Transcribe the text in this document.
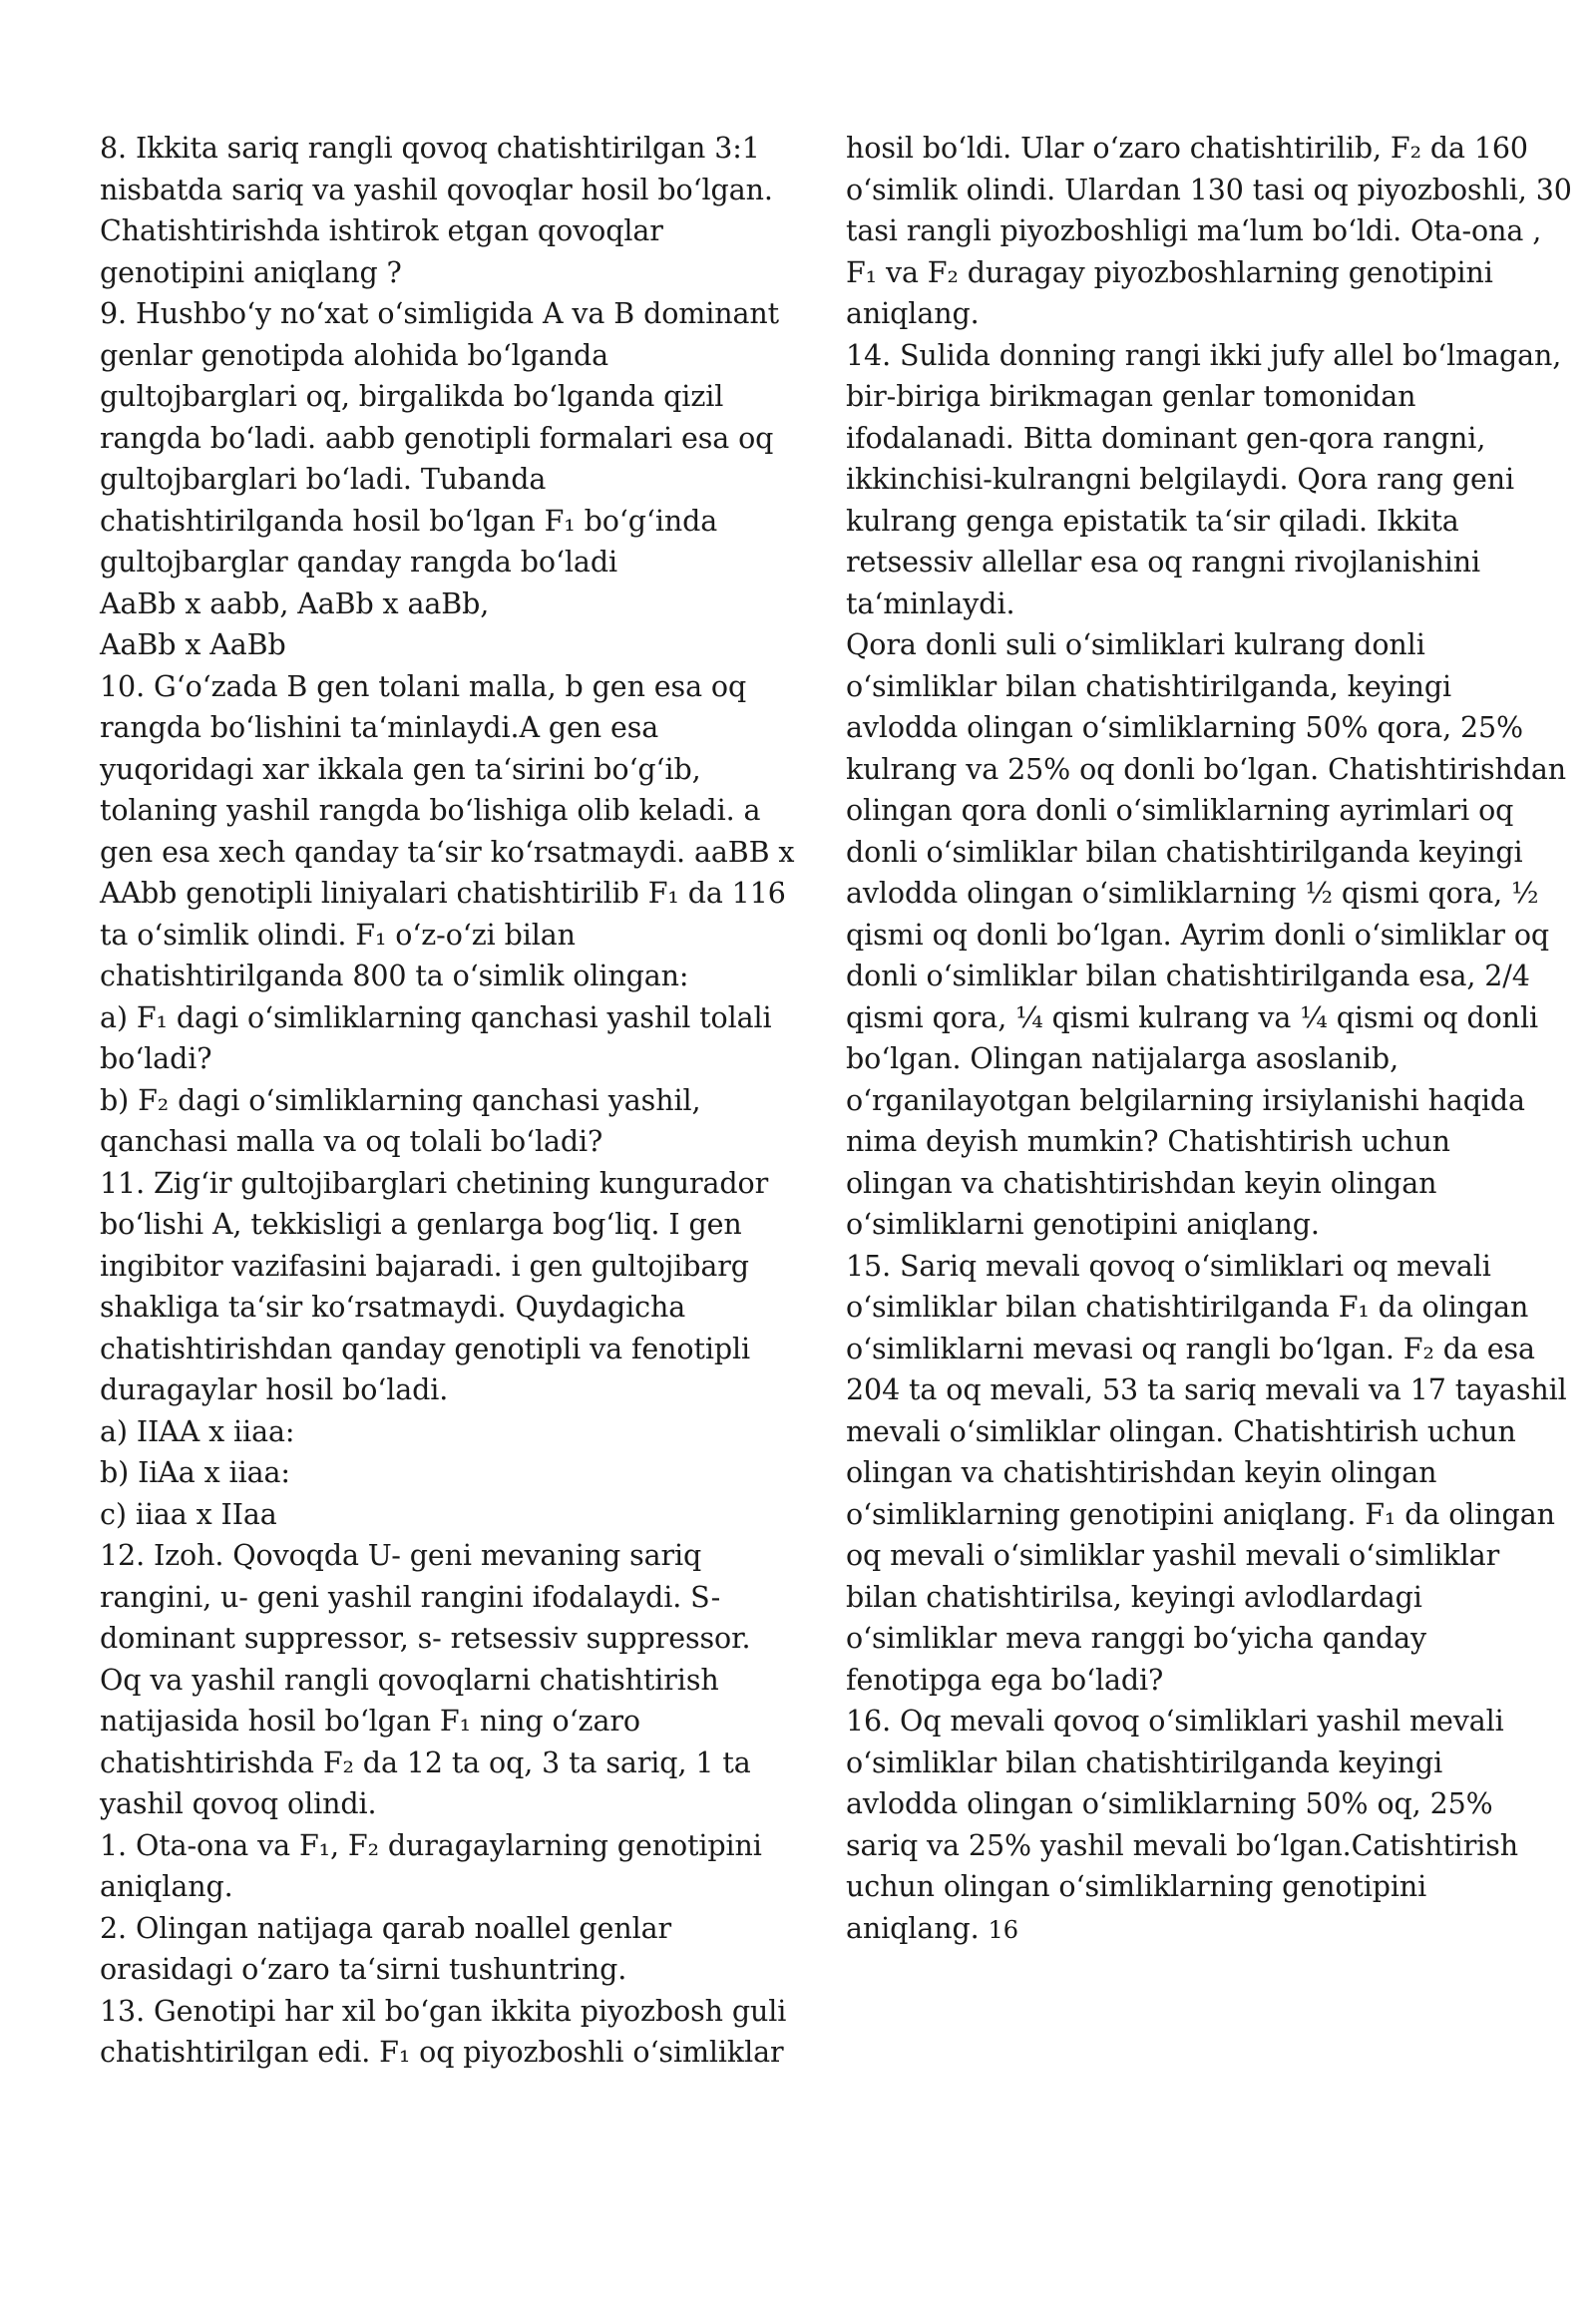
8. Ikkita sariq rangli qovoq chatishtirilgan 3:1
nisbatda sariq va yashil qovoqlar hosil boʻlgan.
Chatishtirishda ishtirok etgan qovoqlar
genotipini aniqlang ?
9. Hushboʻy noʻxat oʻsimligida A va B dominant
genlar genotipda alohida boʻlganda
gultojbarglari oq, birgalikda boʻlganda qizil
rangda boʻladi. aabb genotipli formalari esa oq
gultojbarglari boʻladi. Tubanda
chatishtirilganda hosil boʻlgan F₁ boʻgʻinda
gultojbarglar qanday rangda boʻladi
AaBb x aabb, AaBb x aaBb,
AaBb x AaBb
10. Gʻoʻzada B gen tolani malla, b gen esa oq
rangda boʻlishini taʻminlaydi.A gen esa
yuqoridagi xar ikkala gen taʻsirini boʻgʻib,
tolaning yashil rangda boʻlishiga olib keladi. a
gen esa xech qanday taʻsir koʻrsatmaydi. aaBB x
AAbb genotipli liniyalari chatishtirilib F₁ da 116
ta oʻsimlik olindi. F₁ oʻz-oʻzi bilan
chatishtirilganda 800 ta oʻsimlik olingan:
a) F₁ dagi oʻsimliklarning qanchasi yashil tolali
boʻladi?
b) F₂ dagi oʻsimliklarning qanchasi yashil,
qanchasi malla va oq tolali boʻladi?
11. Zigʻir gultojibarglari chetining kungurador
boʻlishi A, tekkisligi a genlarga bogʻliq. I gen
ingibitor vazifasini bajaradi. i gen gultojibarg
shakliga taʻsir koʻrsatmaydi. Quydagicha
chatishtirishdan qanday genotipli va fenotipli
duragaylar hosil boʻladi.
a) IIAA x iiaa:
b) IiAa x iiaa:
c) iiaa x IIaa
12. Izoh. Qovoqda U- geni mevaning sariq
rangini, u- geni yashil rangini ifodalaydi. S-
dominant suppressor, s- retsessiv suppressor.
Oq va yashil rangli qovoqlarni chatishtirish
natijasida hosil boʻlgan F₁ ning oʻzaro
chatishtirishda F₂ da 12 ta oq, 3 ta sariq, 1 ta
yashil qovoq olindi.
1. Ota-ona va F₁, F₂ duragaylarning genotipini
aniqlang.
2. Olingan natijaga qarab noallel genlar
orasidagi oʻzaro taʻsirni tushuntring.
13. Genotipi har xil boʻgan ikkita piyozbosh guli
chatishtirilgan edi. F₁ oq piyozboshli oʻsimliklar
hosil boʻldi. Ular oʻzaro chatishtirilib, F₂ da 160
oʻsimlik olindi. Ulardan 130 tasi oq piyozboshli, 30
tasi rangli piyozboshligi maʻlum boʻldi. Ota-ona ,
F₁ va F₂ duragay piyozboshlarning genotipini
aniqlang.
14. Sulida donning rangi ikki jufy allel boʻlmagan,
bir-biriga birikmagan genlar tomonidan
ifodalanadi. Bitta dominant gen-qora rangni,
ikkinchisi-kulrangni belgilaydi. Qora rang geni
kulrang genga epistatik taʻsir qiladi. Ikkita
retsessiv allellar esa oq rangni rivojlanishini
taʻminlaydi.
Qora donli suli oʻsimliklari kulrang donli
oʻsimliklar bilan chatishtirilganda, keyingi
avlodda olingan oʻsimliklarning 50% qora, 25%
kulrang va 25% oq donli boʻlgan. Chatishtirishdan
olingan qora donli oʻsimliklarning ayrimlari oq
donli oʻsimliklar bilan chatishtirilganda keyingi
avlodda olingan oʻsimliklarning ½ qismi qora, ½
qismi oq donli boʻlgan. Ayrim donli oʻsimliklar oq
donli oʻsimliklar bilan chatishtirilganda esa, 2/4
qismi qora, ¼ qismi kulrang va ¼ qismi oq donli
boʻlgan. Olingan natijalarga asoslanib,
oʻrganilayotgan belgilarning irsiylanishi haqida
nima deyish mumkin? Chatishtirish uchun
olingan va chatishtirishdan keyin olingan
oʻsimliklarni genotipini aniqlang.
15. Sariq mevali qovoq oʻsimliklari oq mevali
oʻsimliklar bilan chatishtirilganda F₁ da olingan
oʻsimliklarni mevasi oq rangli boʻlgan. F₂ da esa
204 ta oq mevali, 53 ta sariq mevali va 17 tayashil
mevali oʻsimliklar olingan. Chatishtirish uchun
olingan va chatishtirishdan keyin olingan
oʻsimliklarning genotipini aniqlang. F₁ da olingan
oq mevali oʻsimliklar yashil mevali oʻsimliklar
bilan chatishtirilsa, keyingi avlodlardagi
oʻsimliklar meva ranggi boʻyicha qanday
fenotipga ega boʻladi?
16. Oq mevali qovoq oʻsimliklari yashil mevali
oʻsimliklar bilan chatishtirilganda keyingi
avlodda olingan oʻsimliklarning 50% oq, 25%
sariq va 25% yashil mevali boʻlgan.Catishtirish
uchun olingan oʻsimliklarning genotipini
aniqlang. 16
